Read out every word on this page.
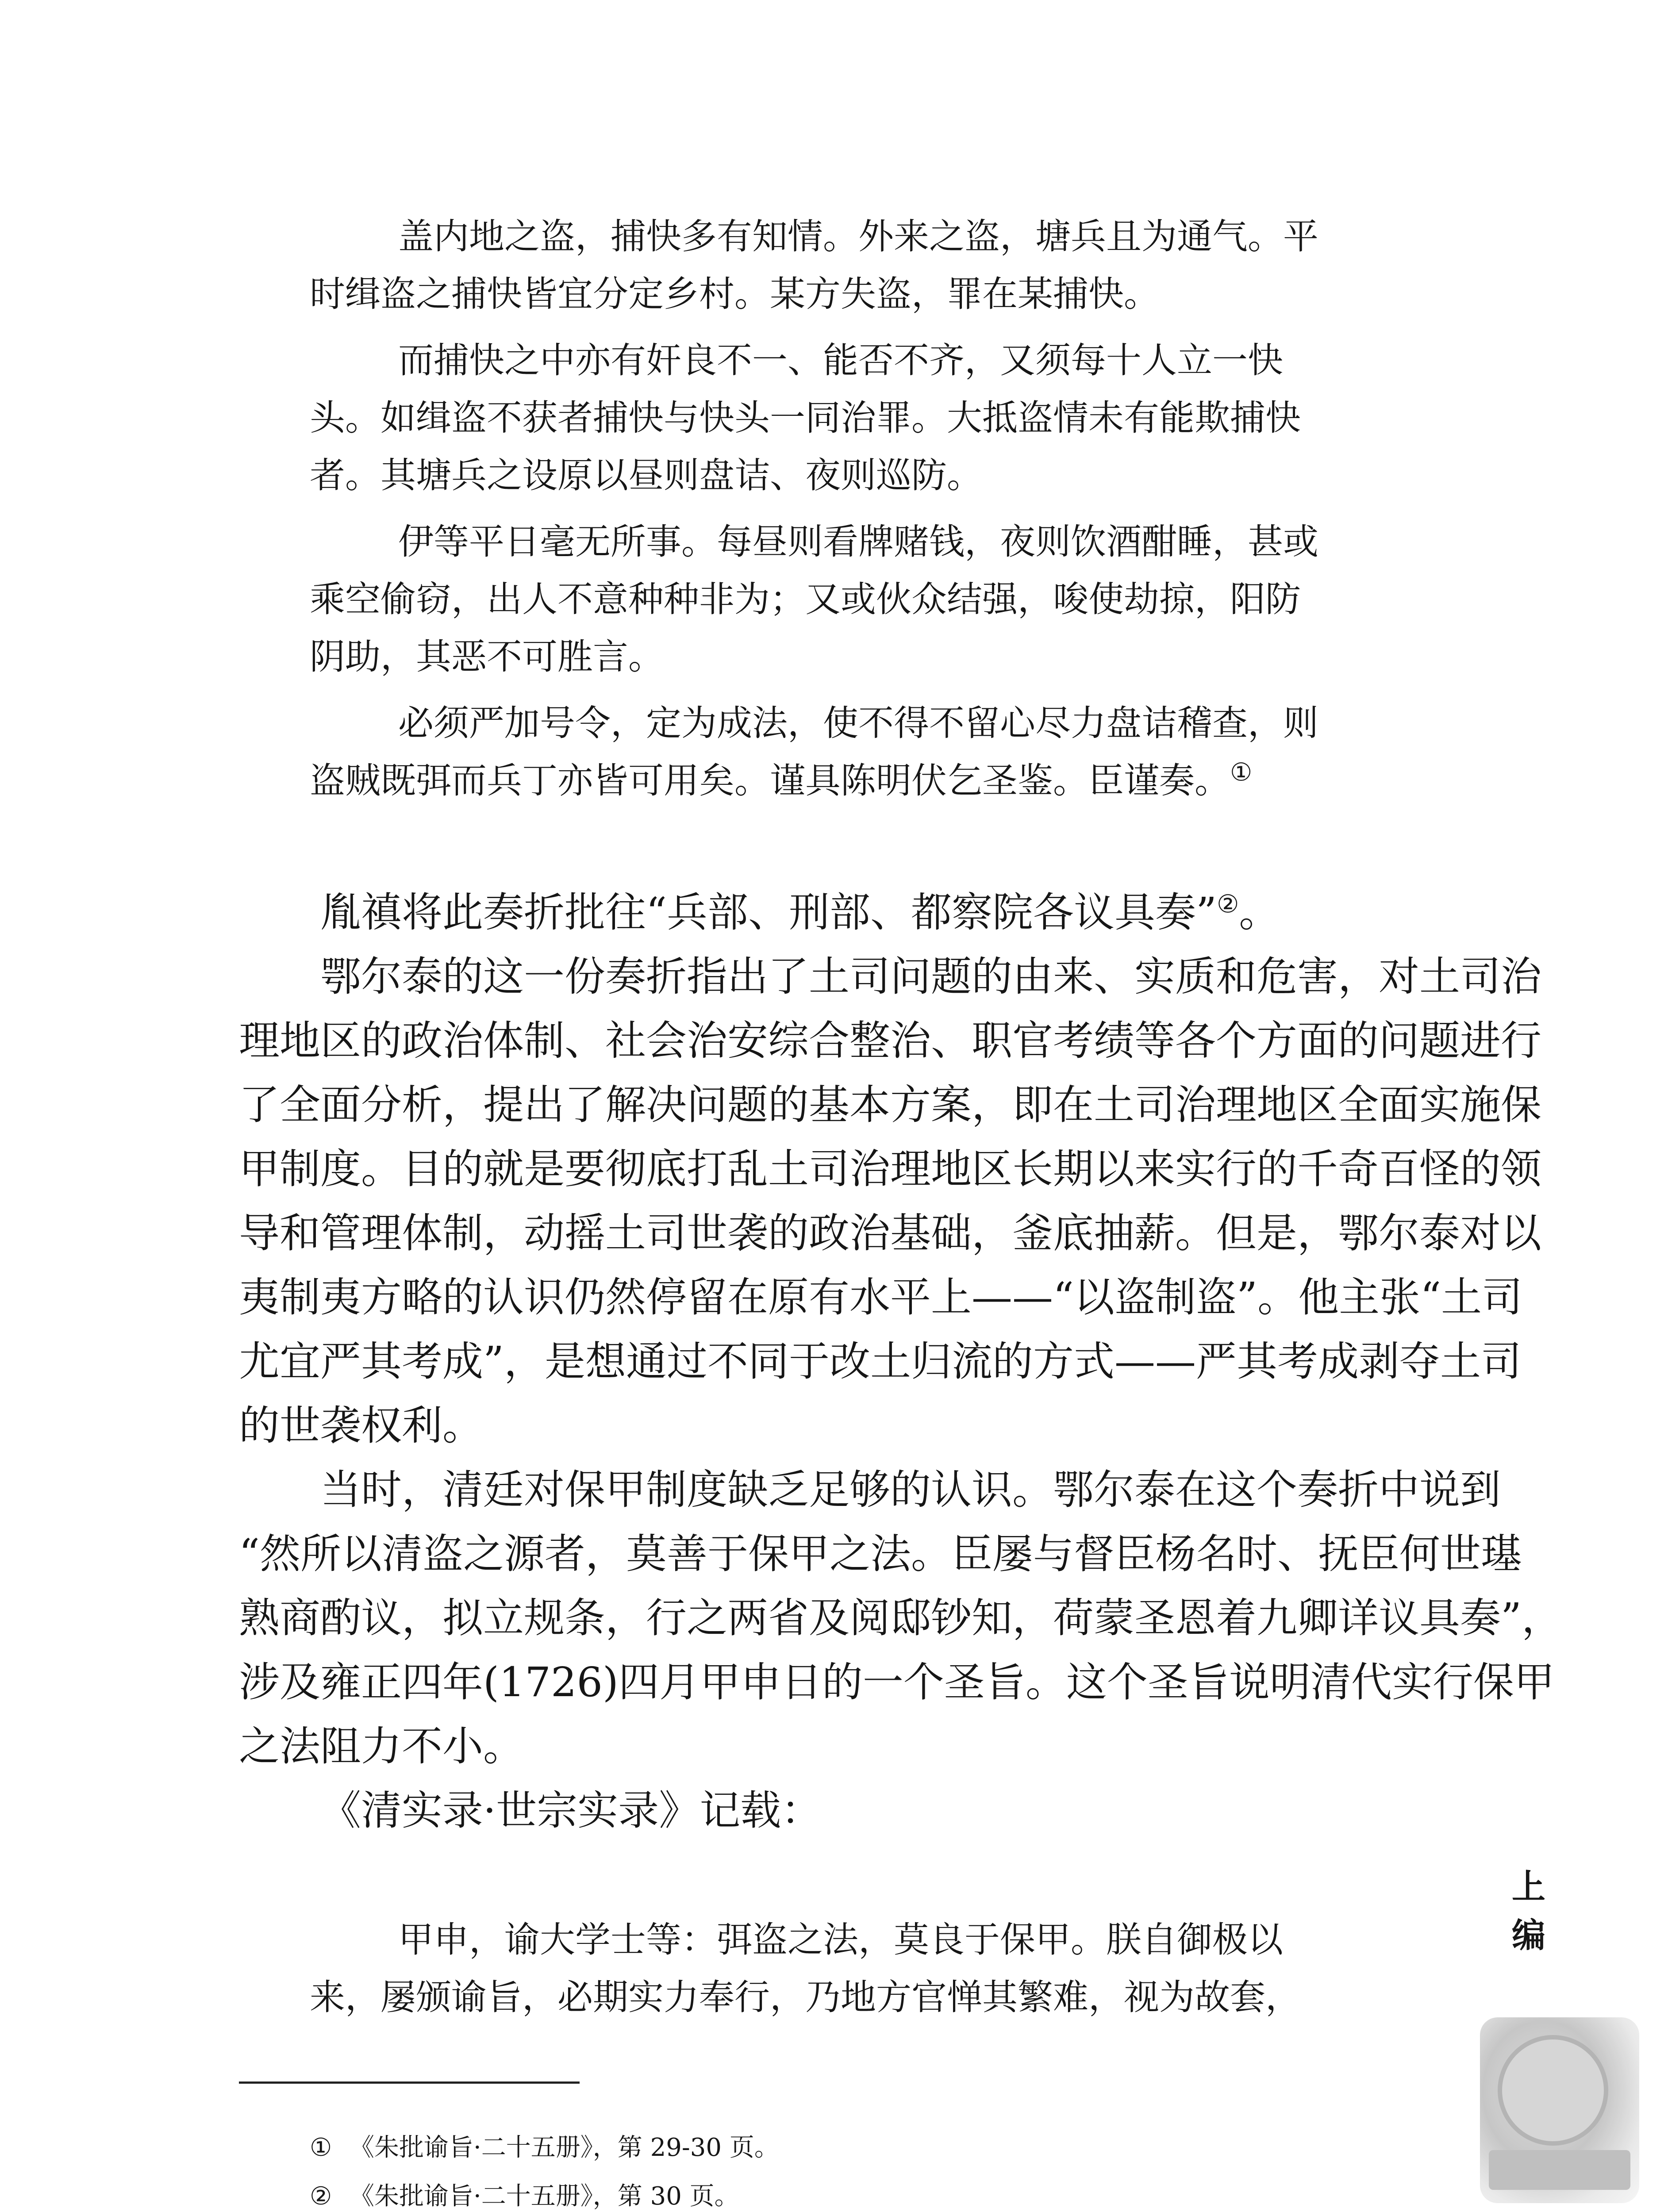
盖内地之盗，捕快多有知情。外来之盗，塘兵且为通气。平
时缉盗之捕快皆宜分定乡村。某方失盗，罪在某捕快。
而捕快之中亦有奸良不一、能否不齐，又须每十人立一快
头。如缉盗不获者捕快与快头一同治罪。大抵盗情未有能欺捕快
者。其塘兵之设原以昼则盘诘、夜则巡防。
伊等平日毫无所事。每昼则看牌赌钱，夜则饮酒酣睡，甚或
乘空偷窃，出人不意种种非为；又或伙众结强，唆使劫掠，阳防
阴助，其恶不可胜言。
必须严加号令，定为成法，使不得不留心尽力盘诘稽查，则
盗贼既弭而兵丁亦皆可用矣。谨具陈明伏乞圣鉴。臣谨奏。①
胤禛将此奏折批往“兵部、刑部、都察院各议具奏”②。
鄂尔泰的这一份奏折指出了土司问题的由来、实质和危害，对土司治
理地区的政治体制、社会治安综合整治、职官考绩等各个方面的问题进行
了全面分析，提出了解决问题的基本方案，即在土司治理地区全面实施保
甲制度。目的就是要彻底打乱土司治理地区长期以来实行的千奇百怪的领
导和管理体制，动摇土司世袭的政治基础，釜底抽薪。但是，鄂尔泰对以
夷制夷方略的认识仍然停留在原有水平上——“以盗制盗”。他主张“土司
尤宜严其考成”，是想通过不同于改土归流的方式——严其考成剥夺土司
的世袭权利。
当时，清廷对保甲制度缺乏足够的认识。鄂尔泰在这个奏折中说到
“然所以清盗之源者，莫善于保甲之法。臣屡与督臣杨名时、抚臣何世璂
熟商酌议，拟立规条，行之两省及阅邸钞知，荷蒙圣恩着九卿详议具奏”，
涉及雍正四年(1726)四月甲申日的一个圣旨。这个圣旨说明清代实行保甲
之法阻力不小。
《清实录·世宗实录》记载：
甲申，谕大学士等：弭盗之法，莫良于保甲。朕自御极以
来，屡颁谕旨，必期实力奉行，乃地方官惮其繁难，视为故套，
上
编
① 《朱批谕旨·二十五册》，第 29-30 页。
② 《朱批谕旨·二十五册》，第 30 页。
